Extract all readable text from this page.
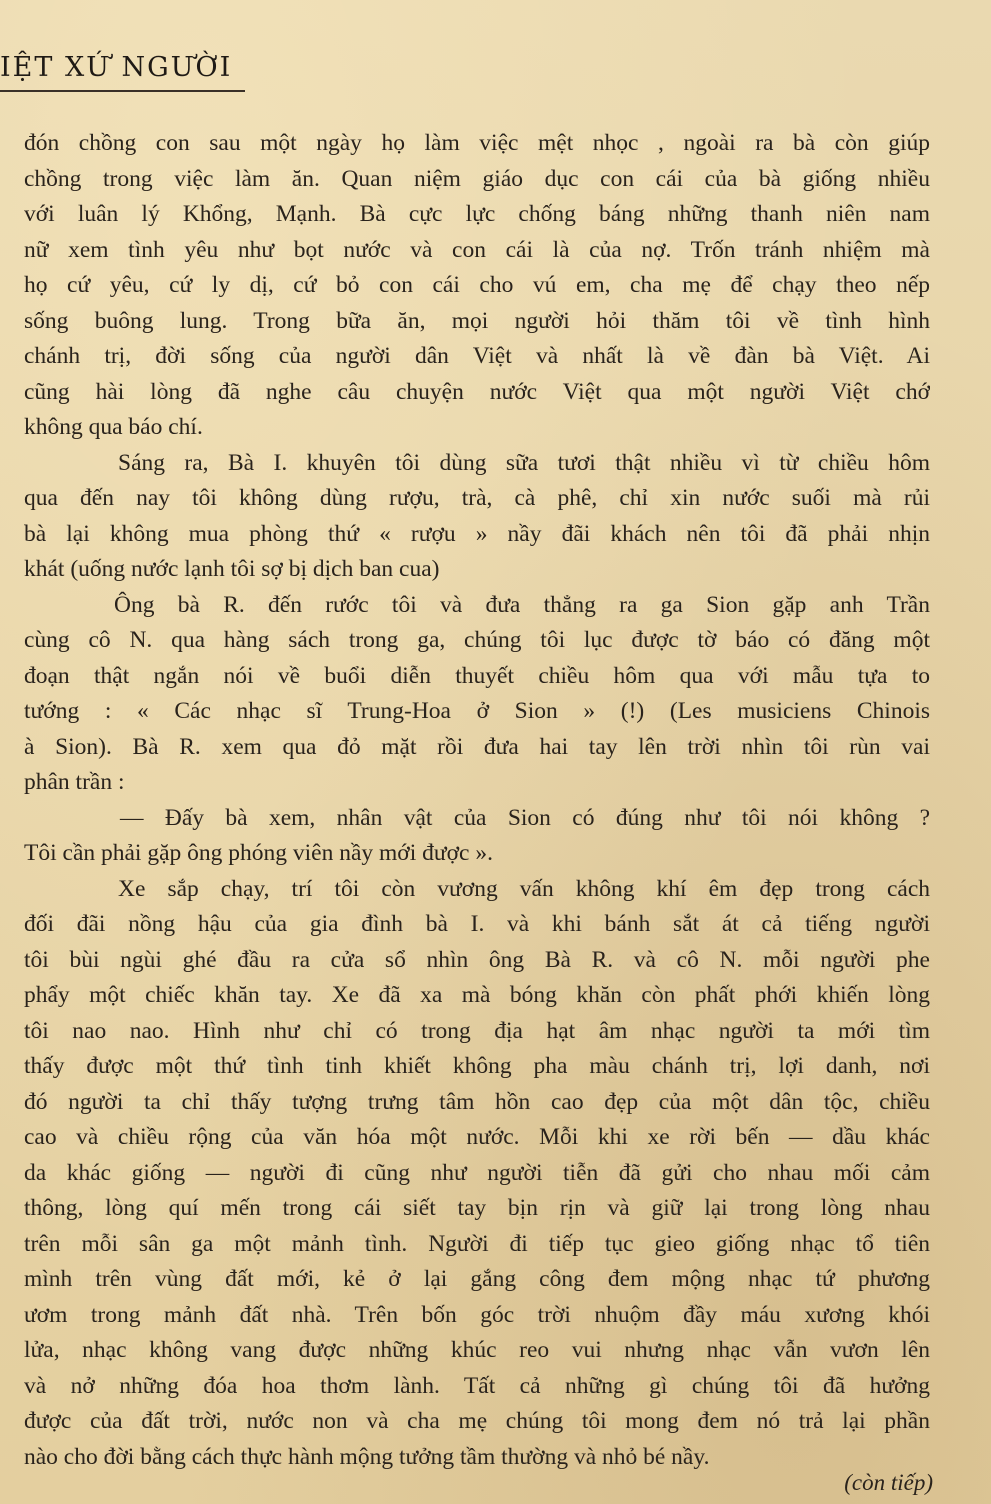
IỆT XỨ NGƯỜI
đón chồng con sau một ngày họ làm việc mệt nhọc , ngoài ra bà còn giúp
chồng trong việc làm ăn. Quan niệm giáo dục con cái của bà giống nhiều
với luân lý Khổng, Mạnh. Bà cực lực chống báng những thanh niên nam
nữ xem tình yêu như bọt nước và con cái là của nợ. Trốn tránh nhiệm mà
họ cứ yêu, cứ ly dị, cứ bỏ con cái cho vú em, cha mẹ để chạy theo nếp
sống buông lung. Trong bữa ăn, mọi người hỏi thăm tôi về tình hình
chánh trị, đời sống của người dân Việt và nhất là về đàn bà Việt. Ai
cũng hài lòng đã nghe câu chuyện nước Việt qua một người Việt chớ
không qua báo chí.
Sáng ra, Bà I. khuyên tôi dùng sữa tươi thật nhiều vì từ chiều hôm
qua đến nay tôi không dùng rượu, trà, cà phê, chỉ xin nước suối mà rủi
bà lại không mua phòng thứ « rượu » nầy đãi khách nên tôi đã phải nhịn
khát (uống nước lạnh tôi sợ bị dịch ban cua)
Ông bà R. đến rước tôi và đưa thẳng ra ga Sion gặp anh Trần
cùng cô N. qua hàng sách trong ga, chúng tôi lục được tờ báo có đăng một
đoạn thật ngắn nói về buổi diễn thuyết chiều hôm qua với mẫu tựa to
tướng : « Các nhạc sĩ Trung-Hoa ở Sion » (!) (Les musiciens Chinois
à Sion). Bà R. xem qua đỏ mặt rồi đưa hai tay lên trời nhìn tôi rùn vai
phân trần :
— Đấy bà xem, nhân vật của Sion có đúng như tôi nói không ?
Tôi cần phải gặp ông phóng viên nầy mới được ».
Xe sắp chạy, trí tôi còn vương vấn không khí êm đẹp trong cách
đối đãi nồng hậu của gia đình bà I. và khi bánh sắt át cả tiếng người
tôi bùi ngùi ghé đầu ra cửa sổ nhìn ông Bà R. và cô N. mỗi người phe
phẩy một chiếc khăn tay. Xe đã xa mà bóng khăn còn phất phới khiến lòng
tôi nao nao. Hình như chỉ có trong địa hạt âm nhạc người ta mới tìm
thấy được một thứ tình tinh khiết không pha màu chánh trị, lợi danh, nơi
đó người ta chỉ thấy tượng trưng tâm hồn cao đẹp của một dân tộc, chiều
cao và chiều rộng của văn hóa một nước. Mỗi khi xe rời bến — dầu khác
da khác giống — người đi cũng như người tiễn đã gửi cho nhau mối cảm
thông, lòng quí mến trong cái siết tay bịn rịn và giữ lại trong lòng nhau
trên mỗi sân ga một mảnh tình. Người đi tiếp tục gieo giống nhạc tổ tiên
mình trên vùng đất mới, kẻ ở lại gắng công đem mộng nhạc tứ phương
ươm trong mảnh đất nhà. Trên bốn góc trời nhuộm đầy máu xương khói
lửa, nhạc không vang được những khúc reo vui nhưng nhạc vẫn vươn lên
và nở những đóa hoa thơm lành. Tất cả những gì chúng tôi đã hưởng
được của đất trời, nước non và cha mẹ chúng tôi mong đem nó trả lại phần
nào cho đời bằng cách thực hành mộng tưởng tầm thường và nhỏ bé nầy.
(còn tiếp)
